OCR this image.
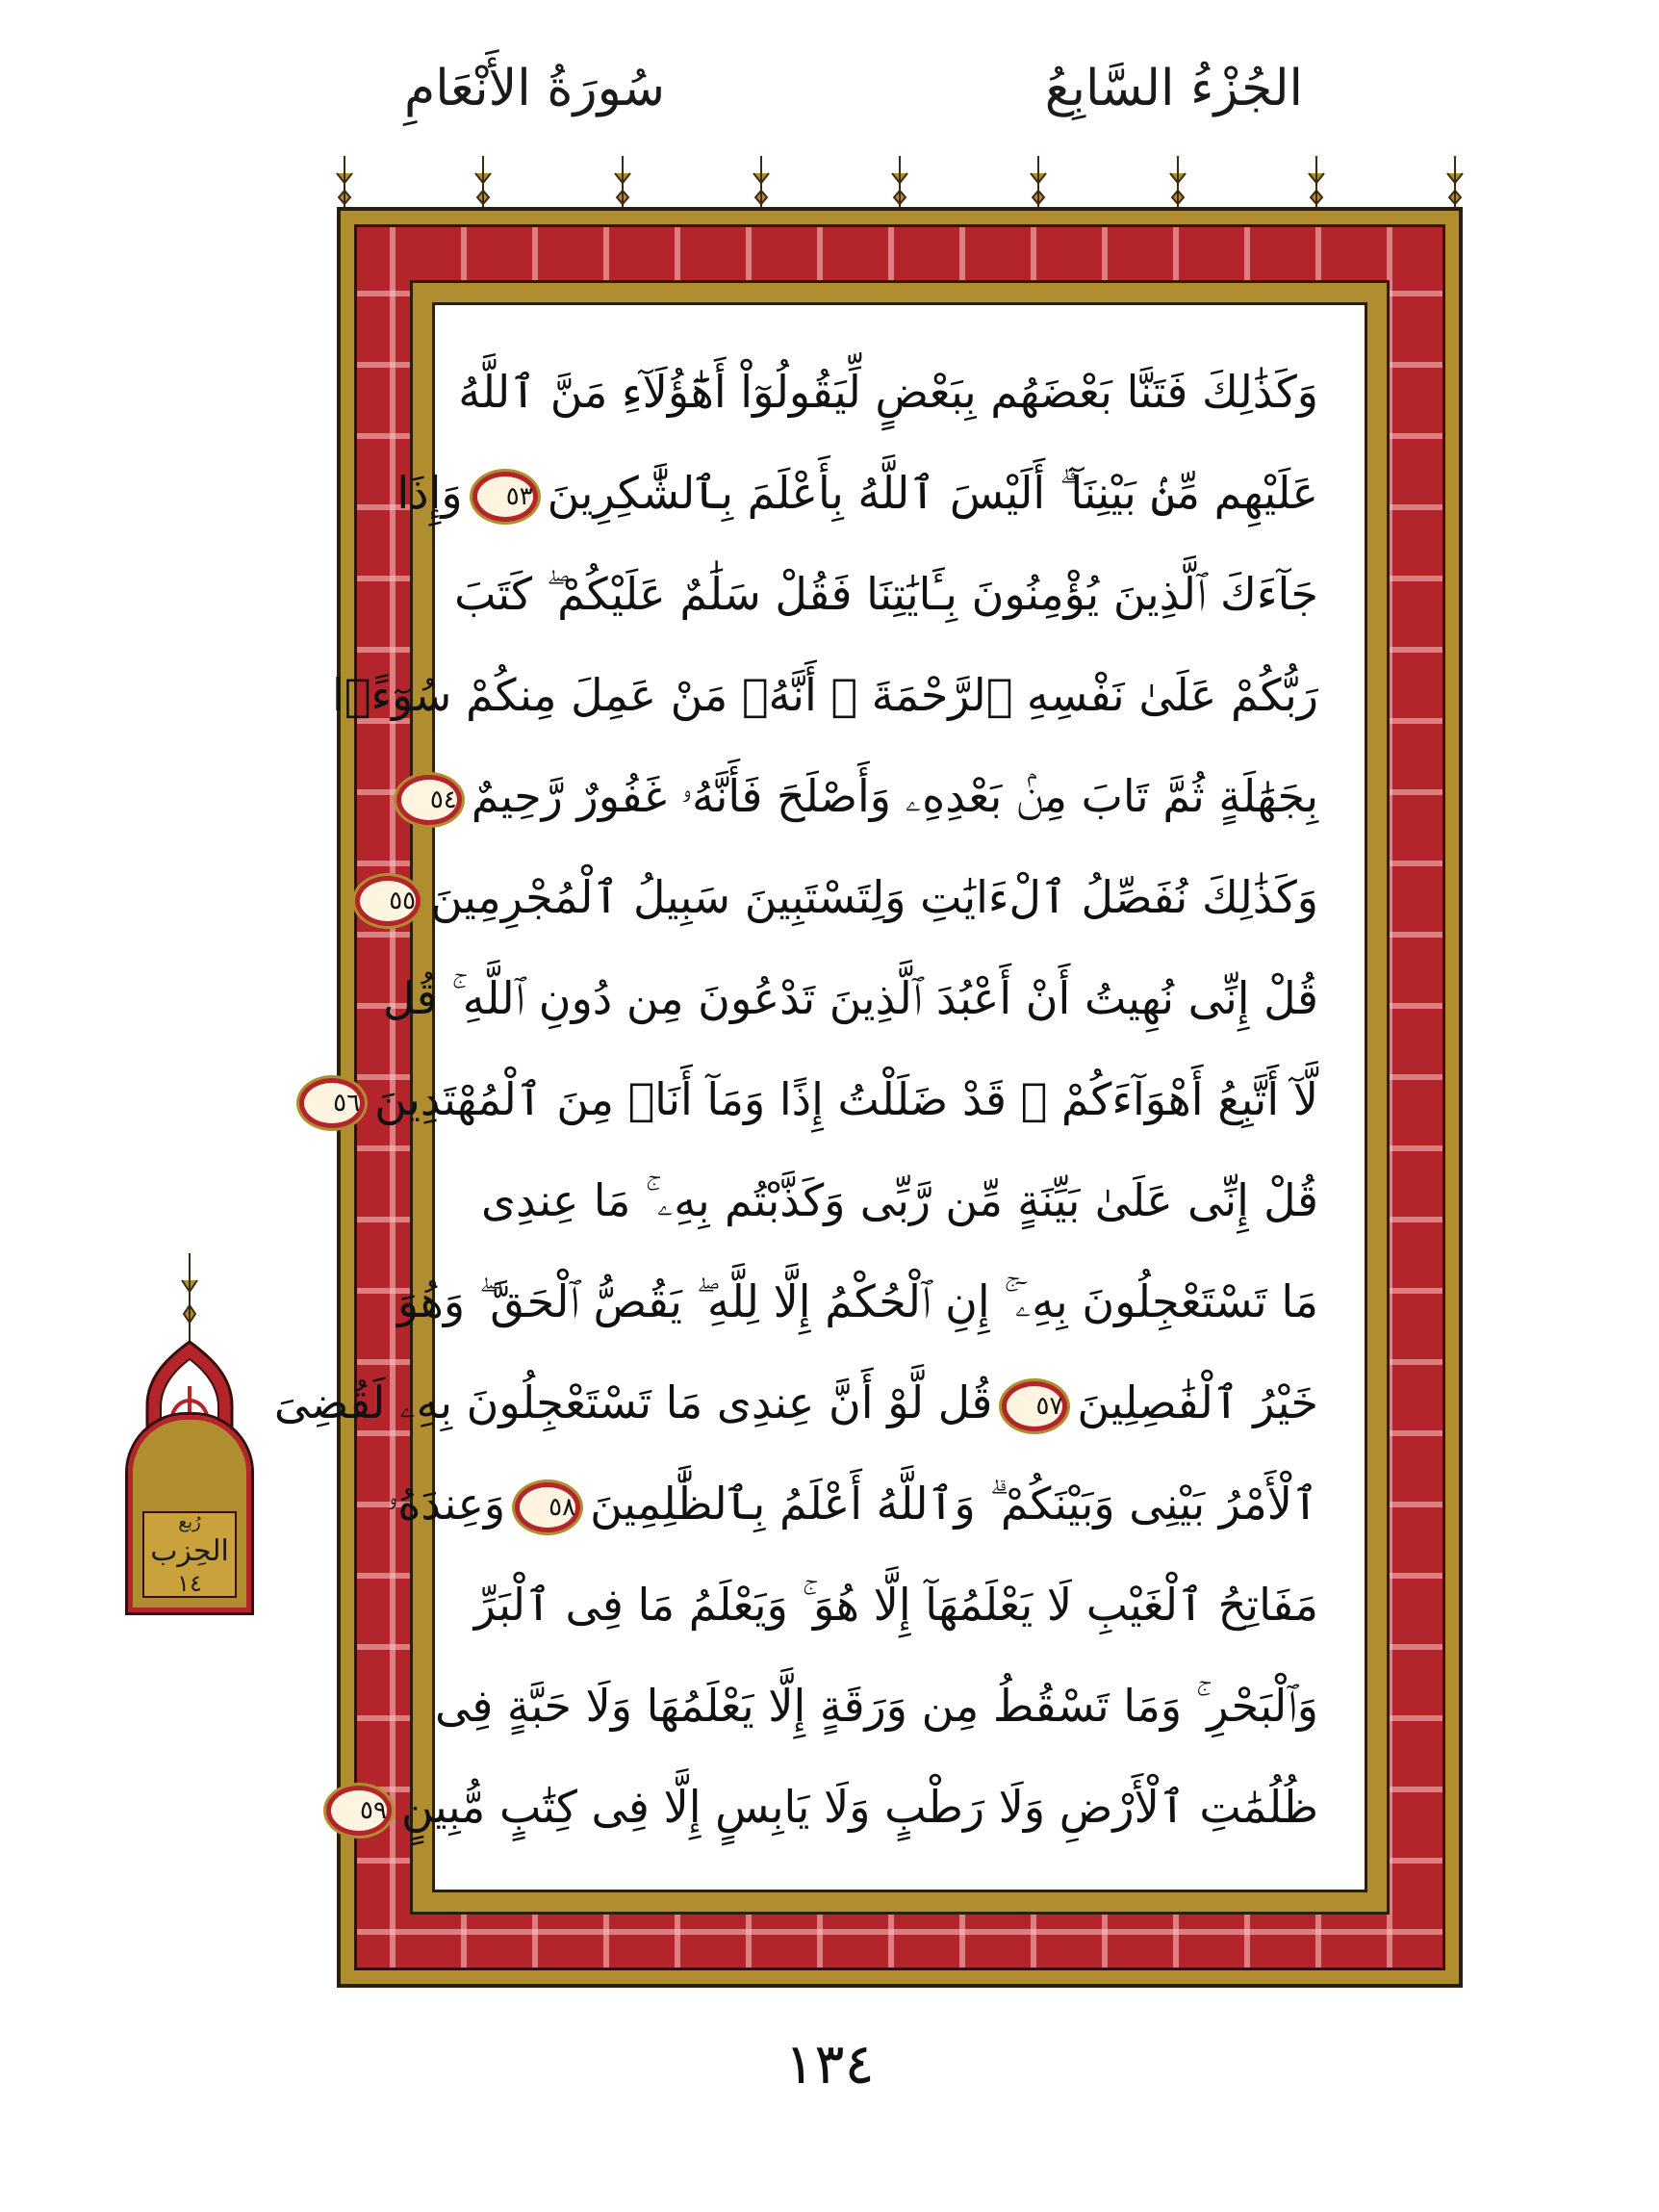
الجُزْءُ السَّابِعُ
سُورَةُ الأَنْعَامِ
وَكَذَٰلِكَ فَتَنَّا بَعْضَهُم بِبَعْضٍ لِّيَقُولُوٓاْ أَهَٰٓؤُلَآءِ مَنَّ ٱللَّهُ
عَلَيْهِم مِّنۢ بَيْنِنَآ ۗ أَلَيْسَ ٱللَّهُ بِأَعْلَمَ بِٱلشَّٰكِرِينَ٥٣وَإِذَا
جَآءَكَ ٱلَّذِينَ يُؤْمِنُونَ بِـَٔايَٰتِنَا فَقُلْ سَلَٰمٌ عَلَيْكُمْ ۖ كَتَبَ
رَبُّكُمْ عَلَىٰ نَفْسِهِ ٱلرَّحْمَةَ ۖ أَنَّهُۥ مَنْ عَمِلَ مِنكُمْ سُوٓءًۢا
بِجَهَٰلَةٍ ثُمَّ تَابَ مِنۢ بَعْدِهِۦ وَأَصْلَحَ فَأَنَّهُۥ غَفُورٌ رَّحِيمٌ٥٤
وَكَذَٰلِكَ نُفَصِّلُ ٱلْءَايَٰتِ وَلِتَسْتَبِينَ سَبِيلُ ٱلْمُجْرِمِينَ٥٥
قُلْ إِنِّى نُهِيتُ أَنْ أَعْبُدَ ٱلَّذِينَ تَدْعُونَ مِن دُونِ ٱللَّهِ ۚ قُل
لَّآ أَتَّبِعُ أَهْوَآءَكُمْ ۙ قَدْ ضَلَلْتُ إِذًا وَمَآ أَنَا۠ مِنَ ٱلْمُهْتَدِينَ٥٦
قُلْ إِنِّى عَلَىٰ بَيِّنَةٍ مِّن رَّبِّى وَكَذَّبْتُم بِهِۦ ۚ مَا عِندِى
مَا تَسْتَعْجِلُونَ بِهِۦٓ ۚ إِنِ ٱلْحُكْمُ إِلَّا لِلَّهِ ۖ يَقُصُّ ٱلْحَقَّ ۖ وَهُوَ
خَيْرُ ٱلْفَٰصِلِينَ٥٧قُل لَّوْ أَنَّ عِندِى مَا تَسْتَعْجِلُونَ بِهِۦ لَقُضِىَ
ٱلْأَمْرُ بَيْنِى وَبَيْنَكُمْ ۗ وَٱللَّهُ أَعْلَمُ بِٱلظَّٰلِمِينَ٥٨وَعِندَهُۥ
مَفَاتِحُ ٱلْغَيْبِ لَا يَعْلَمُهَآ إِلَّا هُوَ ۚ وَيَعْلَمُ مَا فِى ٱلْبَرِّ
وَٱلْبَحْرِ ۚ وَمَا تَسْقُطُ مِن وَرَقَةٍ إِلَّا يَعْلَمُهَا وَلَا حَبَّةٍ فِى
ظُلُمَٰتِ ٱلْأَرْضِ وَلَا رَطْبٍ وَلَا يَابِسٍ إِلَّا فِى كِتَٰبٍ مُّبِينٍ٥٩
رُبع
الحِزب
١٤
١٣٤
